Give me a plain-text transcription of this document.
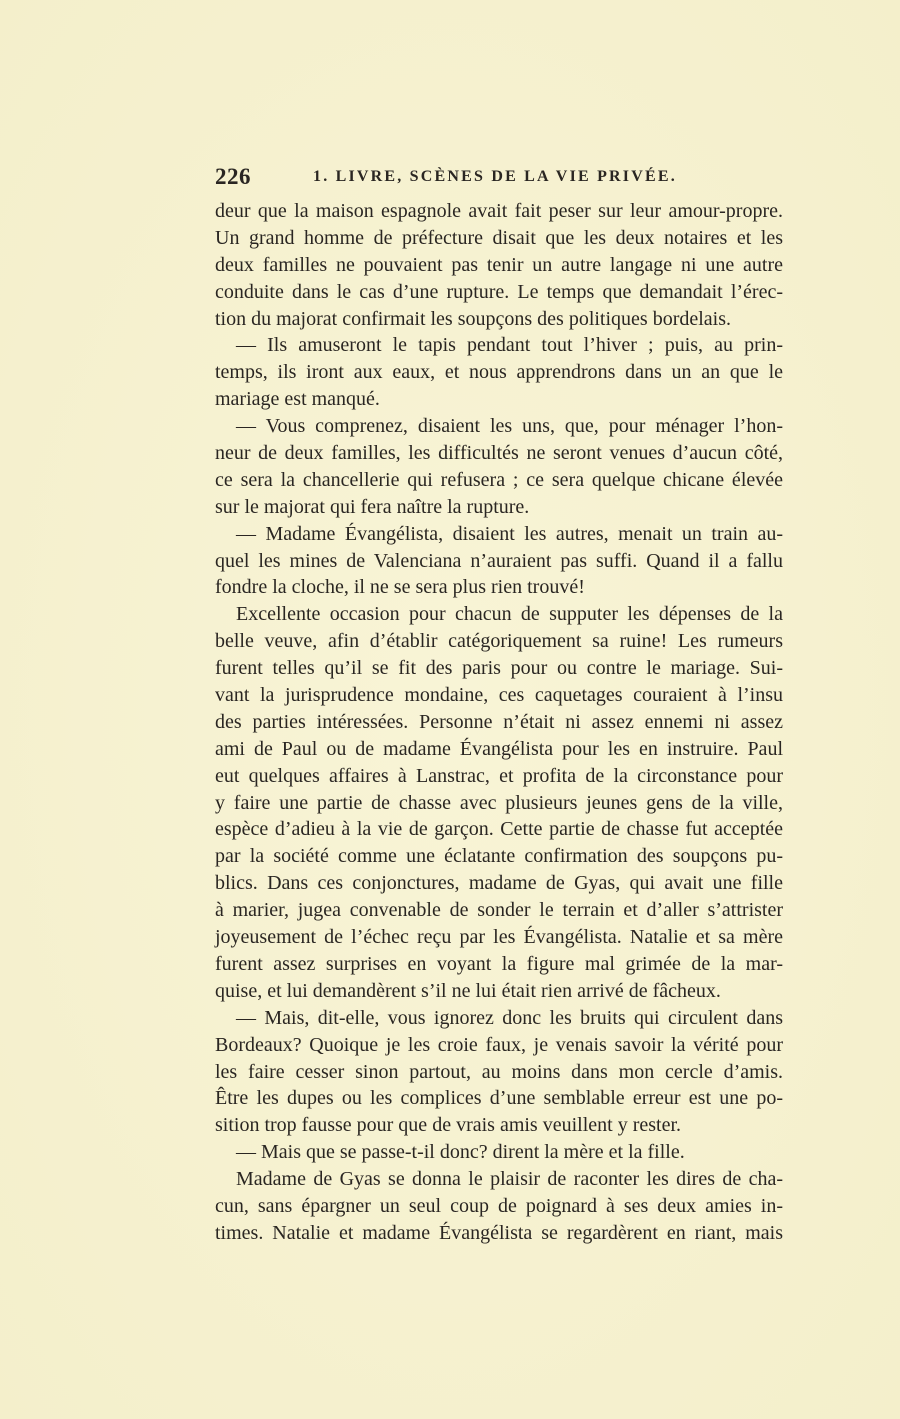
226	1. LIVRE, SCÈNES DE LA VIE PRIVÉE.
deur que la maison espagnole avait fait peser sur leur amour-propre.
Un grand homme de préfecture disait que les deux notaires et les
deux familles ne pouvaient pas tenir un autre langage ni une autre
conduite dans le cas d’une rupture. Le temps que demandait l’érec-
tion du majorat confirmait les soupçons des politiques bordelais.
— Ils amuseront le tapis pendant tout l’hiver ; puis, au prin-
temps, ils iront aux eaux, et nous apprendrons dans un an que le
mariage est manqué.
— Vous comprenez, disaient les uns, que, pour ménager l’hon-
neur de deux familles, les difficultés ne seront venues d’aucun côté,
ce sera la chancellerie qui refusera ; ce sera quelque chicane élevée
sur le majorat qui fera naître la rupture.
— Madame Évangélista, disaient les autres, menait un train au-
quel les mines de Valenciana n’auraient pas suffi. Quand il a fallu
fondre la cloche, il ne se sera plus rien trouvé!
Excellente occasion pour chacun de supputer les dépenses de la
belle veuve, afin d’établir catégoriquement sa ruine! Les rumeurs
furent telles qu’il se fit des paris pour ou contre le mariage. Sui-
vant la jurisprudence mondaine, ces caquetages couraient à l’insu
des parties intéressées. Personne n’était ni assez ennemi ni assez
ami de Paul ou de madame Évangélista pour les en instruire. Paul
eut quelques affaires à Lanstrac, et profita de la circonstance pour
y faire une partie de chasse avec plusieurs jeunes gens de la ville,
espèce d’adieu à la vie de garçon. Cette partie de chasse fut acceptée
par la société comme une éclatante confirmation des soupçons pu-
blics. Dans ces conjonctures, madame de Gyas, qui avait une fille
à marier, jugea convenable de sonder le terrain et d’aller s’attrister
joyeusement de l’échec reçu par les Évangélista. Natalie et sa mère
furent assez surprises en voyant la figure mal grimée de la mar-
quise, et lui demandèrent s’il ne lui était rien arrivé de fâcheux.
— Mais, dit-elle, vous ignorez donc les bruits qui circulent dans
Bordeaux? Quoique je les croie faux, je venais savoir la vérité pour
les faire cesser sinon partout, au moins dans mon cercle d’amis.
Être les dupes ou les complices d’une semblable erreur est une po-
sition trop fausse pour que de vrais amis veuillent y rester.
— Mais que se passe-t-il donc? dirent la mère et la fille.
Madame de Gyas se donna le plaisir de raconter les dires de cha-
cun, sans épargner un seul coup de poignard à ses deux amies in-
times. Natalie et madame Évangélista se regardèrent en riant, mais
